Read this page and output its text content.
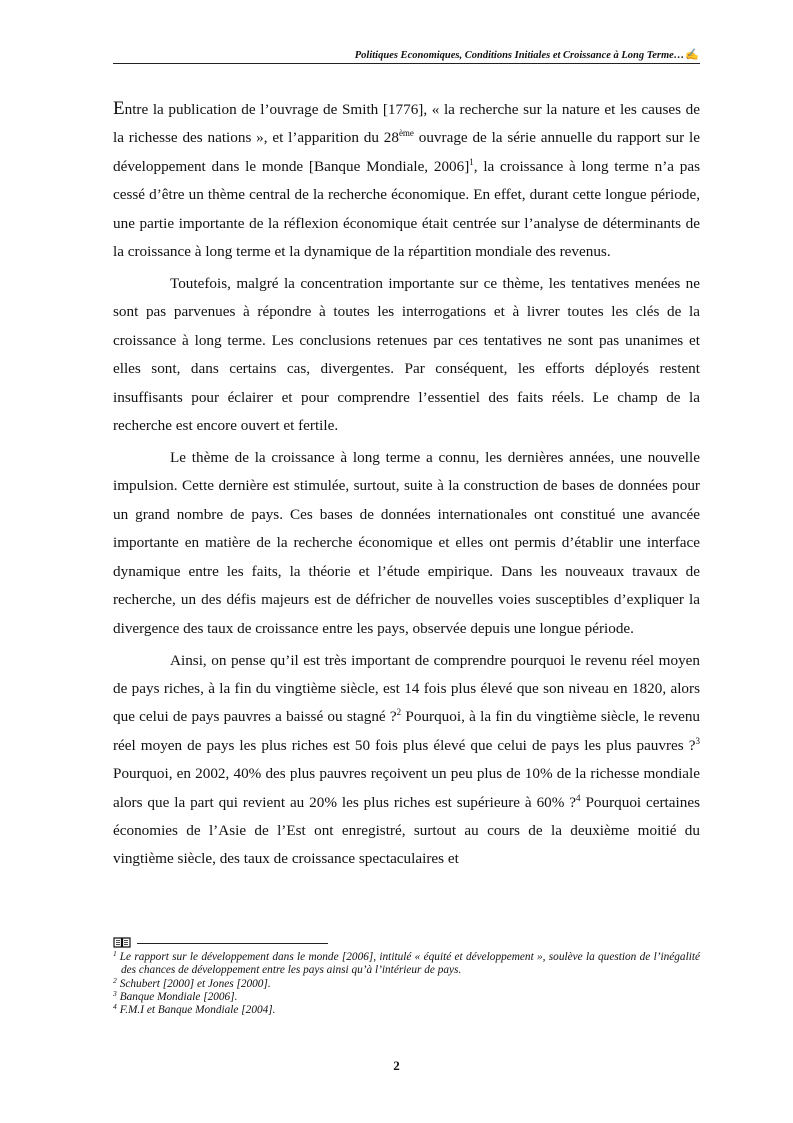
Politiques Economiques, Conditions Initiales et Croissance à Long Terme…✍

Entre la publication de l’ouvrage de Smith [1776], « la recherche sur la nature et les causes de la richesse des nations », et l’apparition du 28ème ouvrage de la série annuelle du rapport sur le développement dans le monde [Banque Mondiale, 2006]$^1$, la croissance à long terme n’a pas cessé d’être un thème central de la recherche économique. En effet, durant cette longue période, une partie importante de la réflexion économique était centrée sur l’analyse de déterminants de la croissance à long terme et la dynamique de la répartition mondiale des revenus.

Toutefois, malgré la concentration importante sur ce thème, les tentatives menées ne sont pas parvenues à répondre à toutes les interrogations et à livrer toutes les clés de la croissance à long terme. Les conclusions retenues par ces tentatives ne sont pas unanimes et elles sont, dans certains cas, divergentes. Par conséquent, les efforts déployés restent insuffisants pour éclairer et pour comprendre l’essentiel des faits réels. Le champ de la recherche est encore ouvert et fertile.

Le thème de la croissance à long terme a connu, les dernières années, une nouvelle impulsion. Cette dernière est stimulée, surtout, suite à la construction de bases de données pour un grand nombre de pays. Ces bases de données internationales ont constitué une avancée importante en matière de la recherche économique et elles ont permis d’établir une interface dynamique entre les faits, la théorie et l’étude empirique. Dans les nouveaux travaux de recherche, un des défis majeurs est de défricher de nouvelles voies susceptibles d’expliquer la divergence des taux de croissance entre les pays, observée depuis une longue période.

Ainsi, on pense qu’il est très important de comprendre pourquoi le revenu réel moyen de pays riches, à la fin du vingtième siècle, est 14 fois plus élevé que son niveau en 1820, alors que celui de pays pauvres a baissé ou stagné ?$^2$ Pourquoi, à la fin du vingtième siècle, le revenu réel moyen de pays les plus riches est 50 fois plus élevé que celui de pays les plus pauvres ?$^3$ Pourquoi, en 2002, 40% des plus pauvres reçoivent un peu plus de 10% de la richesse mondiale alors que la part qui revient au 20% les plus riches est supérieure à 60% ?$^4$ Pourquoi certaines économies de l’Asie de l’Est ont enregistré, surtout au cours de la deuxième moitié du vingtième siècle, des taux de croissance spectaculaires et

$^1$ Le rapport sur le développement dans le monde [2006], intitulé « équité et développement », soulève la question de l’inégalité des chances de développement entre les pays ainsi qu’à l’intérieur de pays.

$^2$ Schubert [2000] et Jones [2000].

$^3$ Banque Mondiale [2006].

$^4$ F.M.I et Banque Mondiale [2004].

2
